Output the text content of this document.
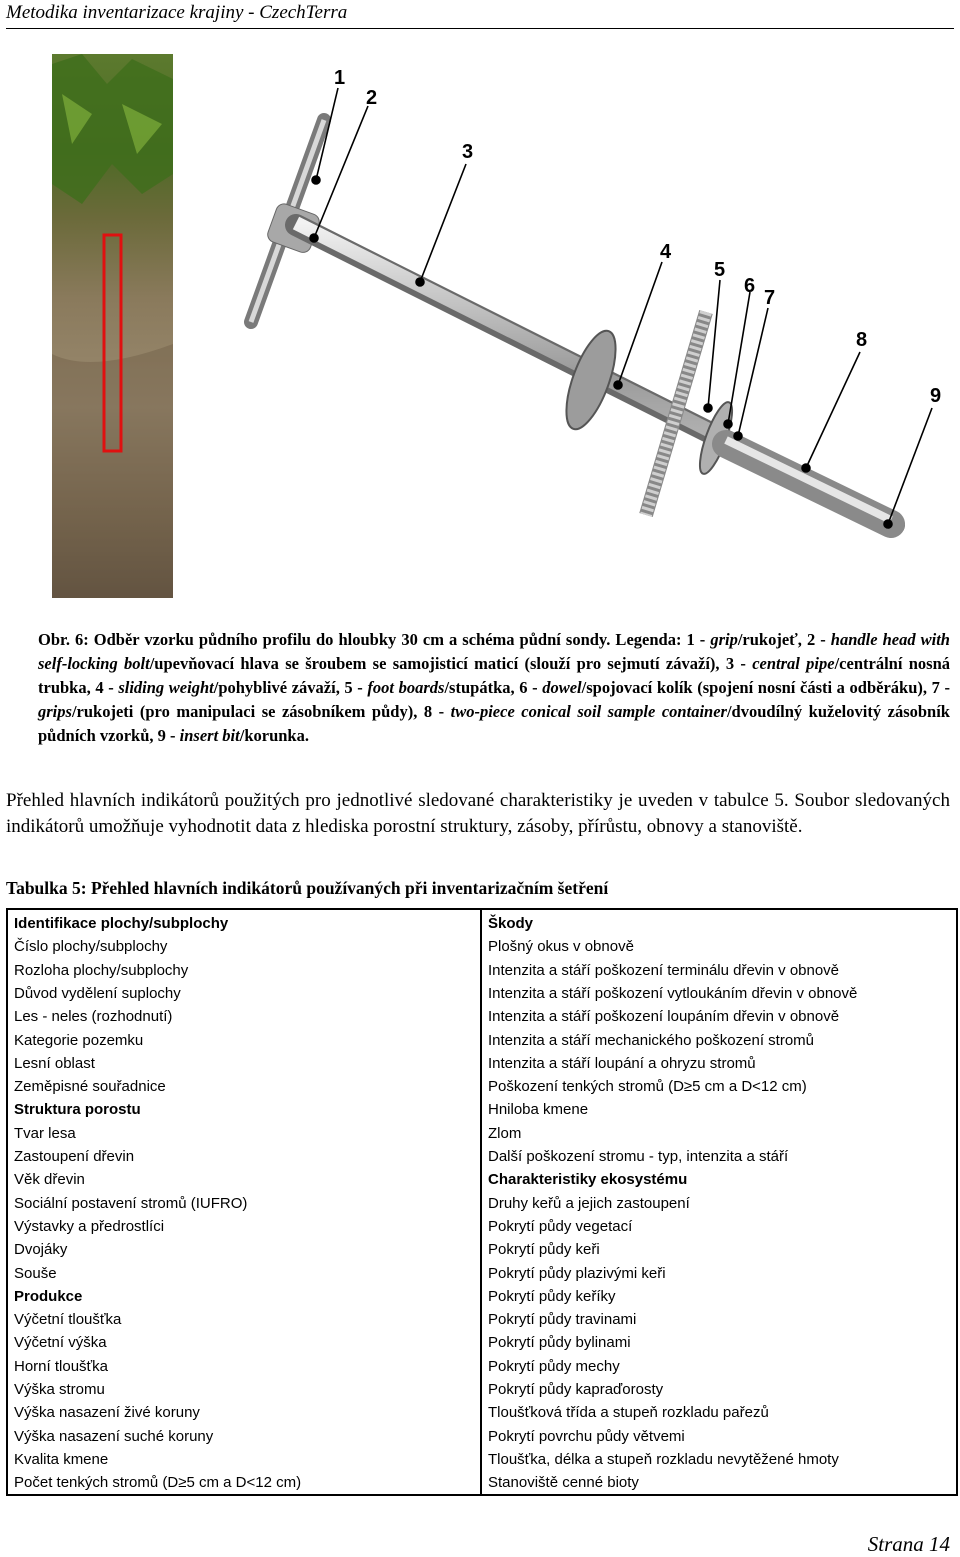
Metodika inventarizace krajiny - CzechTerra
1
2
3
4
5
6
7
8
9
Obr. 6: Odběr vzorku půdního profilu do hloubky 30 cm a schéma půdní sondy. Legenda: 1 - grip/rukojeť, 2 - handle head with self-locking bolt/upevňovací hlava se šroubem se samojisticí maticí (slouží pro sejmutí závaží), 3 - central pipe/centrální nosná trubka, 4 - sliding weight/pohyblivé závaží, 5 - foot boards/stupátka, 6 - dowel/spojovací kolík (spojení nosní části a odběráku), 7 - grips/rukojeti (pro manipulaci se zásobníkem půdy), 8 - two-piece conical soil sample container/dvoudílný kuželovitý zásobník půdních vzorků, 9 - insert bit/korunka.
Přehled hlavních indikátorů použitých pro jednotlivé sledované charakteristiky je uveden v tabulce 5. Soubor sledovaných indikátorů umožňuje vyhodnotit data z hlediska porostní struktury, zásoby, přírůstu, obnovy a stanoviště.
Tabulka 5: Přehled hlavních indikátorů používaných při inventarizačním šetření
Identifikace plochy/subplochy
Číslo plochy/subplochy
Rozloha plochy/subplochy
Důvod vydělení suplochy
Les - neles (rozhodnutí)
Kategorie pozemku
Lesní oblast
Zeměpisné souřadnice
Struktura porostu
Tvar lesa
Zastoupení dřevin
Věk dřevin
Sociální postavení stromů (IUFRO)
Výstavky a předrostlíci
Dvojáky
Souše
Produkce
Výčetní tloušťka
Výčetní výška
Horní tloušťka
Výška stromu
Výška nasazení živé koruny
Výška nasazení suché koruny
Kvalita kmene
Počet tenkých stromů (D≥5 cm a D<12 cm)
Škody
Plošný okus v obnově
Intenzita a stáří poškození terminálu dřevin v obnově
Intenzita a stáří poškození vytloukáním dřevin v obnově
Intenzita a stáří poškození loupáním dřevin v obnově
Intenzita a stáří mechanického poškození stromů
Intenzita a stáří loupání a ohryzu stromů
Poškození tenkých stromů (D≥5 cm a D<12 cm)
Hniloba kmene
Zlom
Další poškození stromu - typ, intenzita a stáří
Charakteristiky ekosystému
Druhy keřů a jejich zastoupení
Pokrytí půdy vegetací
Pokrytí půdy keři
Pokrytí půdy plazivými keři
Pokrytí půdy keříky
Pokrytí půdy travinami
Pokrytí půdy bylinami
Pokrytí půdy mechy
Pokrytí půdy kapraďorosty
Tloušťková třída a stupeň rozkladu pařezů
Pokrytí povrchu půdy větvemi
Tloušťka, délka a stupeň rozkladu nevytěžené hmoty
Stanoviště cenné bioty
Strana 14
